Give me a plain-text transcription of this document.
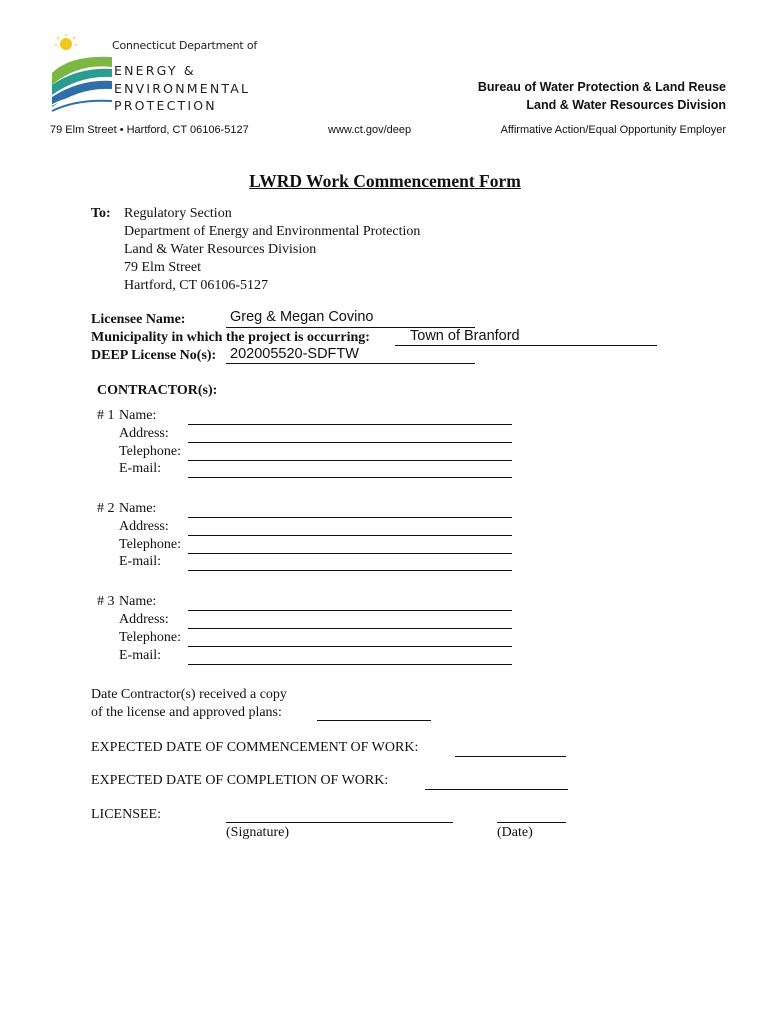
Connecticut Department of
ENERGY &
ENVIRONMENTAL
PROTECTION
Bureau of Water Protection & Land Reuse
Land & Water Resources Division
79 Elm Street • Hartford, CT 06106-5127	www.ct.gov/deep	Affirmative Action/Equal Opportunity Employer
LWRD Work Commencement Form
To: Regulatory Section
Department of Energy and Environmental Protection
Land & Water Resources Division
79 Elm Street
Hartford, CT 06106-5127
Licensee Name:	Greg & Megan Covino
Municipality in which the project is occurring:	Town of Branford
DEEP License No(s): 202005520-SDFTW
CONTRACTOR(s):
# 1 Name:
Address:
Telephone:
E-mail:
# 2 Name:
Address:
Telephone:
E-mail:
# 3 Name:
Address:
Telephone:
E-mail:
Date Contractor(s) received a copy
of the license and approved plans:
EXPECTED DATE OF COMMENCEMENT OF WORK:
EXPECTED DATE OF COMPLETION OF WORK:
LICENSEE:
(Signature)	(Date)
